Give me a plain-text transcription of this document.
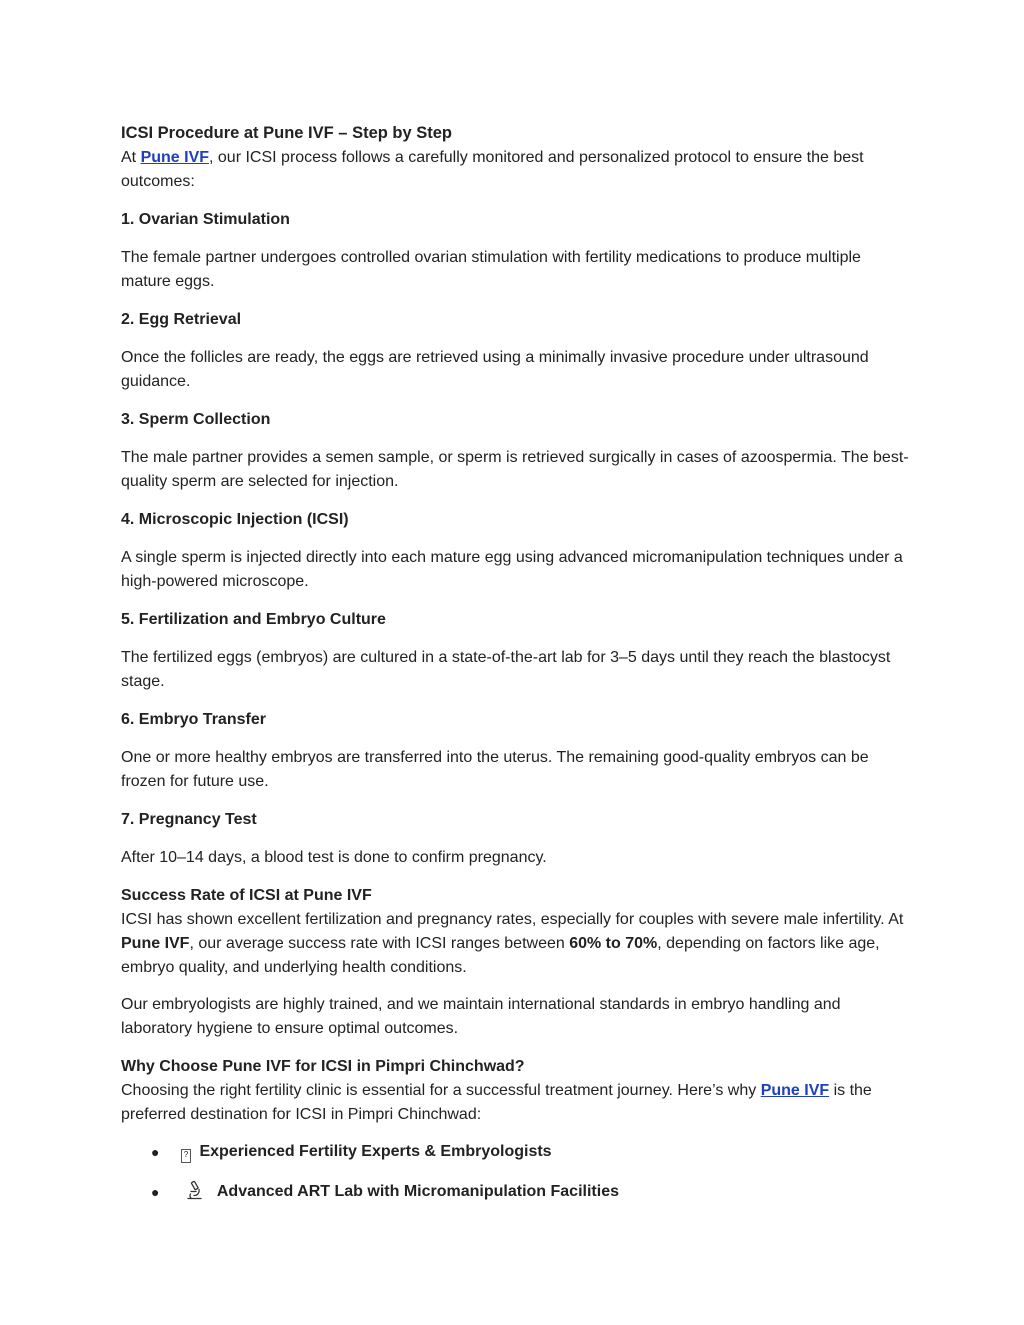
ICSI Procedure at Pune IVF – Step by Step

At Pune IVF, our ICSI process follows a carefully monitored and personalized protocol to ensure the best outcomes:

1. Ovarian Stimulation

The female partner undergoes controlled ovarian stimulation with fertility medications to produce multiple mature eggs.

2. Egg Retrieval

Once the follicles are ready, the eggs are retrieved using a minimally invasive procedure under ultrasound guidance.

3. Sperm Collection

The male partner provides a semen sample, or sperm is retrieved surgically in cases of azoospermia. The best-quality sperm are selected for injection.

4. Microscopic Injection (ICSI)

A single sperm is injected directly into each mature egg using advanced micromanipulation techniques under a high-powered microscope.

5. Fertilization and Embryo Culture

The fertilized eggs (embryos) are cultured in a state-of-the-art lab for 3–5 days until they reach the blastocyst stage.

6. Embryo Transfer

One or more healthy embryos are transferred into the uterus. The remaining good-quality embryos can be frozen for future use.

7. Pregnancy Test

After 10–14 days, a blood test is done to confirm pregnancy.

Success Rate of ICSI at Pune IVF

ICSI has shown excellent fertilization and pregnancy rates, especially for couples with severe male infertility. At Pune IVF, our average success rate with ICSI ranges between 60% to 70%, depending on factors like age, embryo quality, and underlying health conditions.

Our embryologists are highly trained, and we maintain international standards in embryo handling and laboratory hygiene to ensure optimal outcomes.

Why Choose Pune IVF for ICSI in Pimpri Chinchwad?

Choosing the right fertility clinic is essential for a successful treatment journey. Here’s why Pune IVF is the preferred destination for ICSI in Pimpri Chinchwad:

●	? Experienced Fertility Experts & Embryologists
●	Advanced ART Lab with Micromanipulation Facilities
